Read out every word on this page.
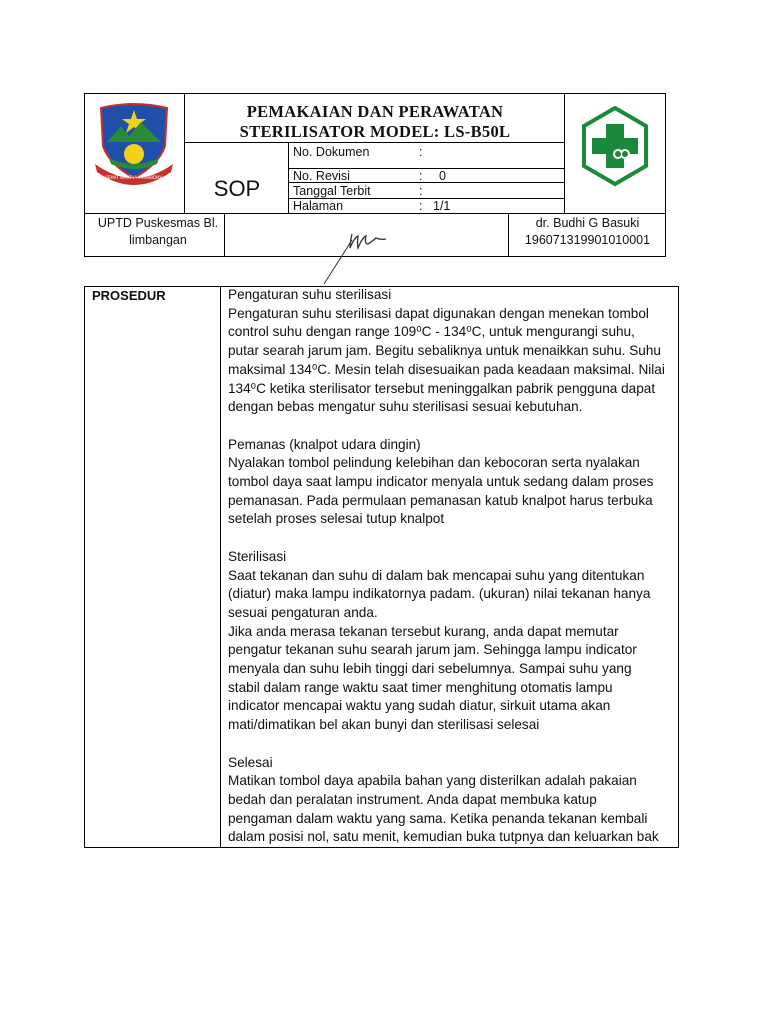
SEMAT WARTHA MAHARDIKA
PEMAKAIAN DAN PERAWATAN
STERILISATOR MODEL: LS-B50L
SOP
No. Dokumen	:
No. Revisi	: 0
Tanggal Terbit	:
Halaman	: 1/1
UPTD Puskesmas Bl.
limbangan
dr. Budhi G Basuki
196071319901010001
PROSEDUR	Pengaturan suhu sterilisasi

Pengaturan suhu sterilisasi dapat digunakan dengan menekan tombol

control suhu dengan range 109⁰C - 134⁰C, untuk mengurangi suhu,

putar searah jarum jam. Begitu sebaliknya untuk menaikkan suhu. Suhu

maksimal 134⁰C. Mesin telah disesuaikan pada keadaan maksimal. Nilai

134⁰C ketika sterilisator tersebut meninggalkan pabrik pengguna dapat

dengan bebas mengatur suhu sterilisasi sesuai kebutuhan.

Pemanas (knalpot udara dingin)

Nyalakan tombol pelindung kelebihan dan kebocoran serta nyalakan

tombol daya saat lampu indicator menyala untuk sedang dalam proses

pemanasan. Pada permulaan pemanasan katub knalpot harus terbuka

setelah proses selesai tutup knalpot

Sterilisasi

Saat tekanan dan suhu di dalam bak mencapai suhu yang ditentukan

(diatur) maka lampu indikatornya padam. (ukuran) nilai tekanan hanya

sesuai pengaturan anda.

Jika anda merasa tekanan tersebut kurang, anda dapat memutar

pengatur tekanan suhu searah jarum jam. Sehingga lampu indicator

menyala dan suhu lebih tinggi dari sebelumnya. Sampai suhu yang

stabil dalam range waktu saat timer menghitung otomatis lampu

indicator mencapai waktu yang sudah diatur, sirkuit utama akan

mati/dimatikan bel akan bunyi dan sterilisasi selesai

Selesai

Matikan tombol daya apabila bahan yang disterilkan adalah pakaian

bedah dan peralatan instrument. Anda dapat membuka katup

pengaman dalam waktu yang sama. Ketika penanda tekanan kembali

dalam posisi nol, satu menit, kemudian buka tutpnya dan keluarkan bak
